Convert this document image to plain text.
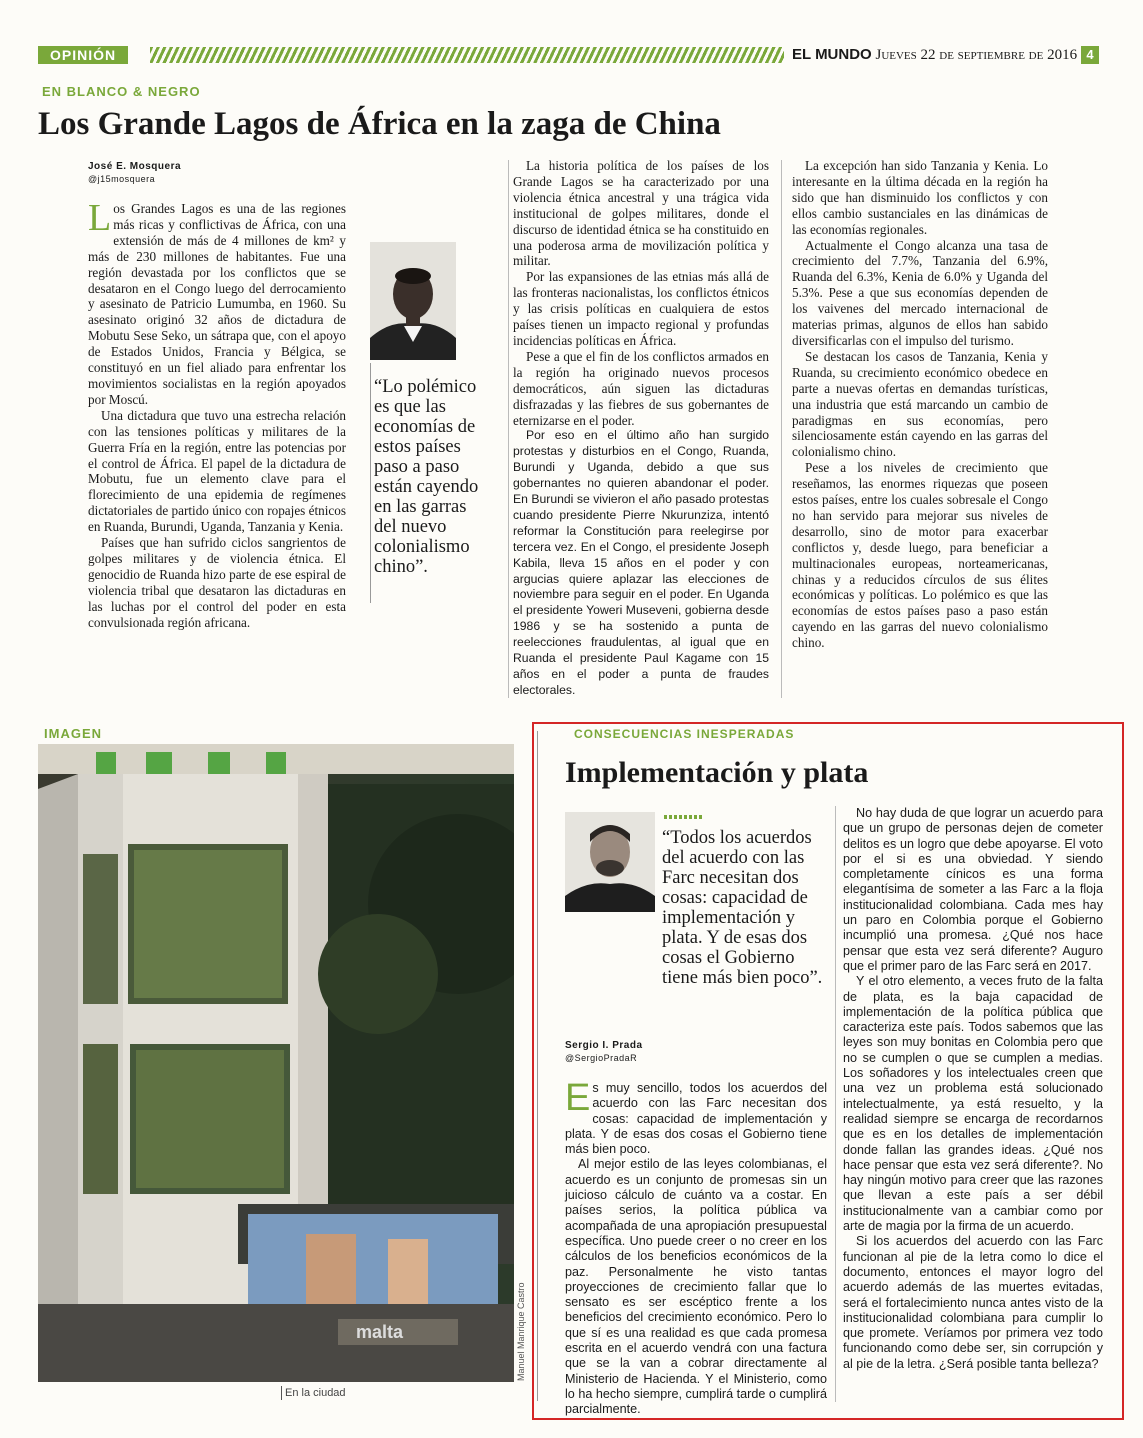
OPINIÓN	EL MUNDO Jueves 22 de septiembre de 2016 4
EN BLANCO & NEGRO
Los Grande Lagos de África en la zaga de China
José E. Mosquera
@j15mosquera
L os Grandes Lagos es una de las regiones más ricas y conflictivas de África, con una extensión de más de 4 millones de km² y más de 230 millones de habitantes. Fue una región devastada por los conflictos que se desataron en el Congo luego del derrocamiento y asesinato de Patricio Lumumba, en 1960. Su asesinato originó 32 años de dictadura de Mobutu Sese Seko, un sátrapa que, con el apoyo de Estados Unidos, Francia y Bélgica, se constituyó en un fiel aliado para enfrentar los movimientos socialistas en la región apoyados por Moscú.

Una dictadura que tuvo una estrecha relación con las tensiones políticas y militares de la Guerra Fría en la región, entre las potencias por el control de África. El papel de la dictadura de Mobutu, fue un elemento clave para el florecimiento de una epidemia de regímenes dictatoriales de partido único con ropajes étnicos en Ruanda, Burundi, Uganda, Tanzania y Kenia.

Países que han sufrido ciclos sangrientos de golpes militares y de violencia étnica. El genocidio de Ruanda hizo parte de ese espiral de violencia tribal que desataron las dictaduras en las luchas por el control del poder en esta convulsionada región africana.

“Lo polémico es que las economías de estos países paso a paso están cayendo en las garras del nuevo colonialismo chino”.

La historia política de los países de los Grande Lagos se ha caracterizado por una violencia étnica ancestral y una trágica vida institucional de golpes militares, donde el discurso de identidad étnica se ha constituido en una poderosa arma de movilización política y militar.

Por las expansiones de las etnias más allá de las fronteras nacionalistas, los conflictos étnicos y las crisis políticas en cualquiera de estos países tienen un impacto regional y profundas incidencias políticas en África.

Pese a que el fin de los conflictos armados en la región ha originado nuevos procesos democráticos, aún siguen las dictaduras disfrazadas y las fiebres de sus gobernantes de eternizarse en el poder.

Por eso en el último año han surgido protestas y disturbios en el Congo, Ruanda, Burundi y Uganda, debido a que sus gobernantes no quieren abandonar el poder. En Burundi se vivieron el año pasado protestas cuando presidente Pierre Nkurunziza, intentó reformar la Constitución para reelegirse por tercera vez. En el Congo, el presidente Joseph Kabila, lleva 15 años en el poder y con argucias quiere aplazar las elecciones de noviembre para seguir en el poder. En Uganda el presidente Yoweri Museveni, gobierna desde 1986 y se ha sostenido a punta de reelecciones fraudulentas, al igual que en Ruanda el presidente Paul Kagame con 15 años en el poder a punta de fraudes electorales.

La excepción han sido Tanzania y Kenia. Lo interesante en la última década en la región ha sido que han disminuido los conflictos y con ellos cambio sustanciales en las dinámicas de las economías regionales.

Actualmente el Congo alcanza una tasa de crecimiento del 7.7%, Tanzania del 6.9%, Ruanda del 6.3%, Kenia de 6.0% y Uganda del 5.3%. Pese a que sus economías dependen de los vaivenes del mercado internacional de materias primas, algunos de ellos han sabido diversificarlas con el impulso del turismo.

Se destacan los casos de Tanzania, Kenia y Ruanda, su crecimiento económico obedece en parte a nuevas ofertas en demandas turísticas, una industria que está marcando un cambio de paradigmas en sus economías, pero silenciosamente están cayendo en las garras del colonialismo chino.

Pese a los niveles de crecimiento que reseñamos, las enormes riquezas que poseen estos países, entre los cuales sobresale el Congo no han servido para mejorar sus niveles de desarrollo, sino de motor para exacerbar conflictos y, desde luego, para beneficiar a multinacionales europeas, norteamericanas, chinas y a reducidos círculos de sus élites económicas y políticas. Lo polémico es que las economías de estos países paso a paso están cayendo en las garras del nuevo colonialismo chino.

IMAGEN
malta	Manuel Manrique Castro
En la ciudad
CONSECUENCIAS INESPERADAS
Implementación y plata
“Todos los acuerdos del acuerdo con las Farc necesitan dos cosas: capacidad de implementación y plata. Y de esas dos cosas el Gobierno tiene más bien poco”.
Sergio I. Prada
@SergioPradaR
E s muy sencillo, todos los acuerdos del acuerdo con las Farc necesitan dos cosas: capacidad de implementación y plata. Y de esas dos cosas el Gobierno tiene más bien poco.

Al mejor estilo de las leyes colombianas, el acuerdo es un conjunto de promesas sin un juicioso cálculo de cuánto va a costar. En países serios, la política pública va acompañada de una apropiación presupuestal específica. Uno puede creer o no creer en los cálculos de los beneficios económicos de la paz. Personalmente he visto tantas proyecciones de crecimiento fallar que lo sensato es ser escéptico frente a los beneficios del crecimiento económico. Pero lo que sí es una realidad es que cada promesa escrita en el acuerdo vendrá con una factura que se la van a cobrar directamente al Ministerio de Hacienda. Y el Ministerio, como lo ha hecho siempre, cumplirá tarde o cumplirá parcialmente.

No hay duda de que lograr un acuerdo para que un grupo de personas dejen de cometer delitos es un logro que debe apoyarse. El voto por el si es una obviedad. Y siendo completamente cínicos es una forma elegantísima de someter a las Farc a la floja institucionalidad colombiana. Cada mes hay un paro en Colombia porque el Gobierno incumplió una promesa. ¿Qué nos hace pensar que esta vez será diferente? Auguro que el primer paro de las Farc será en 2017.

Y el otro elemento, a veces fruto de la falta de plata, es la baja capacidad de implementación de la política pública que caracteriza este país. Todos sabemos que las leyes son muy bonitas en Colombia pero que no se cumplen o que se cumplen a medias. Los soñadores y los intelectuales creen que una vez un problema está solucionado intelectualmente, ya está resuelto, y la realidad siempre se encarga de recordarnos que es en los detalles de implementación donde fallan las grandes ideas. ¿Qué nos hace pensar que esta vez será diferente?. No hay ningún motivo para creer que las razones que llevan a este país a ser débil institucionalmente van a cambiar como por arte de magia por la firma de un acuerdo.

Si los acuerdos del acuerdo con las Farc funcionan al pie de la letra como lo dice el documento, entonces el mayor logro del acuerdo además de las muertes evitadas, será el fortalecimiento nunca antes visto de la institucionalidad colombiana para cumplir lo que promete. Veríamos por primera vez todo funcionando como debe ser, sin corrupción y al pie de la letra. ¿Será posible tanta belleza?
